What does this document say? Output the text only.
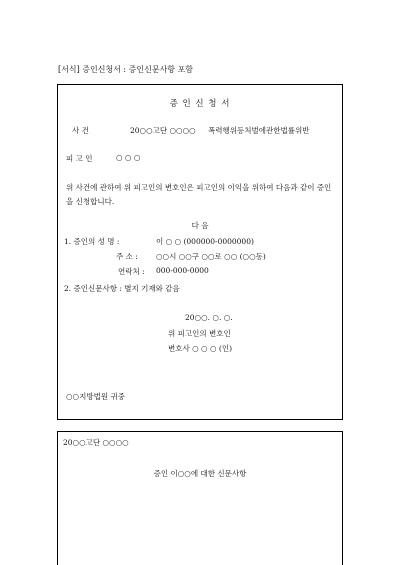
[서식] 증인신청서 : 증인신문사항 포함
증 인 신 청 서
사 건	20○○고단 ○○○○ 폭력행위등처벌에관한법률위반
피 고 인	○ ○ ○
위 사건에 관하여 위 피고인의 변호인은 피고인의 이익을 위하여 다음과 같이 증인을 신청합니다.
다 음
1. 증인의 성 명 :	이 ○ ○ (000000-0000000)
주 소 : ○○시 ○○구 ○○로 ○○ (○○동)
연락처 : 000-000-0000
2. 증인신문사항 : 별지 기재와 같음
20○○. ○. ○.
위 피고인의 변호인
변호사 ○ ○ ○ (인)
○○지방법원 귀중
20○○고단 ○○○○
증인 이○○에 대한 신문사항
